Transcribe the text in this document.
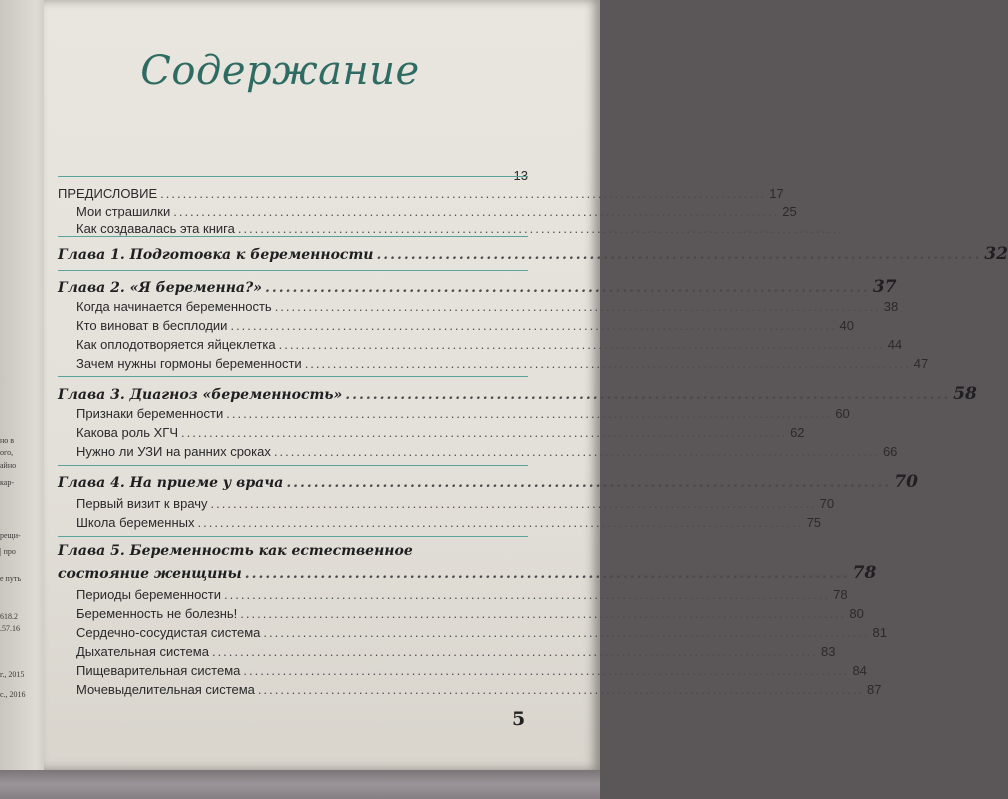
но в
ого,
айно
кар-
рещи-
| про
е путь
618.2
.57.16
г., 2015
с., 2016
Содержание
13
ПРЕДИСЛОВИЕ ............................................................................................................ 17
Мои страшилки ............................................................................................................ 25
Как создавалась эта книга ............................................................................................................
Глава 1. Подготовка к беременности ........................................................................................ 32
Глава 2. «Я беременна?» ........................................................................................ 37
Когда начинается беременность ............................................................................................................ 38
Кто виноват в бесплодии ............................................................................................................ 40
Как оплодотворяется яйцеклетка ............................................................................................................ 44
Зачем нужны гормоны беременности ............................................................................................................ 47
Глава 3. Диагноз «беременность» ........................................................................................ 58
Признаки беременности ............................................................................................................ 60
Какова роль ХГЧ ............................................................................................................ 62
Нужно ли УЗИ на ранних сроках ............................................................................................................ 66
Глава 4. На приеме у врача ........................................................................................ 70
Первый визит к врачу ............................................................................................................ 70
Школа беременных ............................................................................................................ 75
Глава 5. Беременность как естественное
состояние женщины ........................................................................................ 78
Периоды беременности ............................................................................................................ 78
Беременность не болезнь! ............................................................................................................ 80
Сердечно-сосудистая система ............................................................................................................ 81
Дыхательная система ............................................................................................................ 83
Пищеварительная система ............................................................................................................ 84
Мочевыделительная система ............................................................................................................ 87
5
